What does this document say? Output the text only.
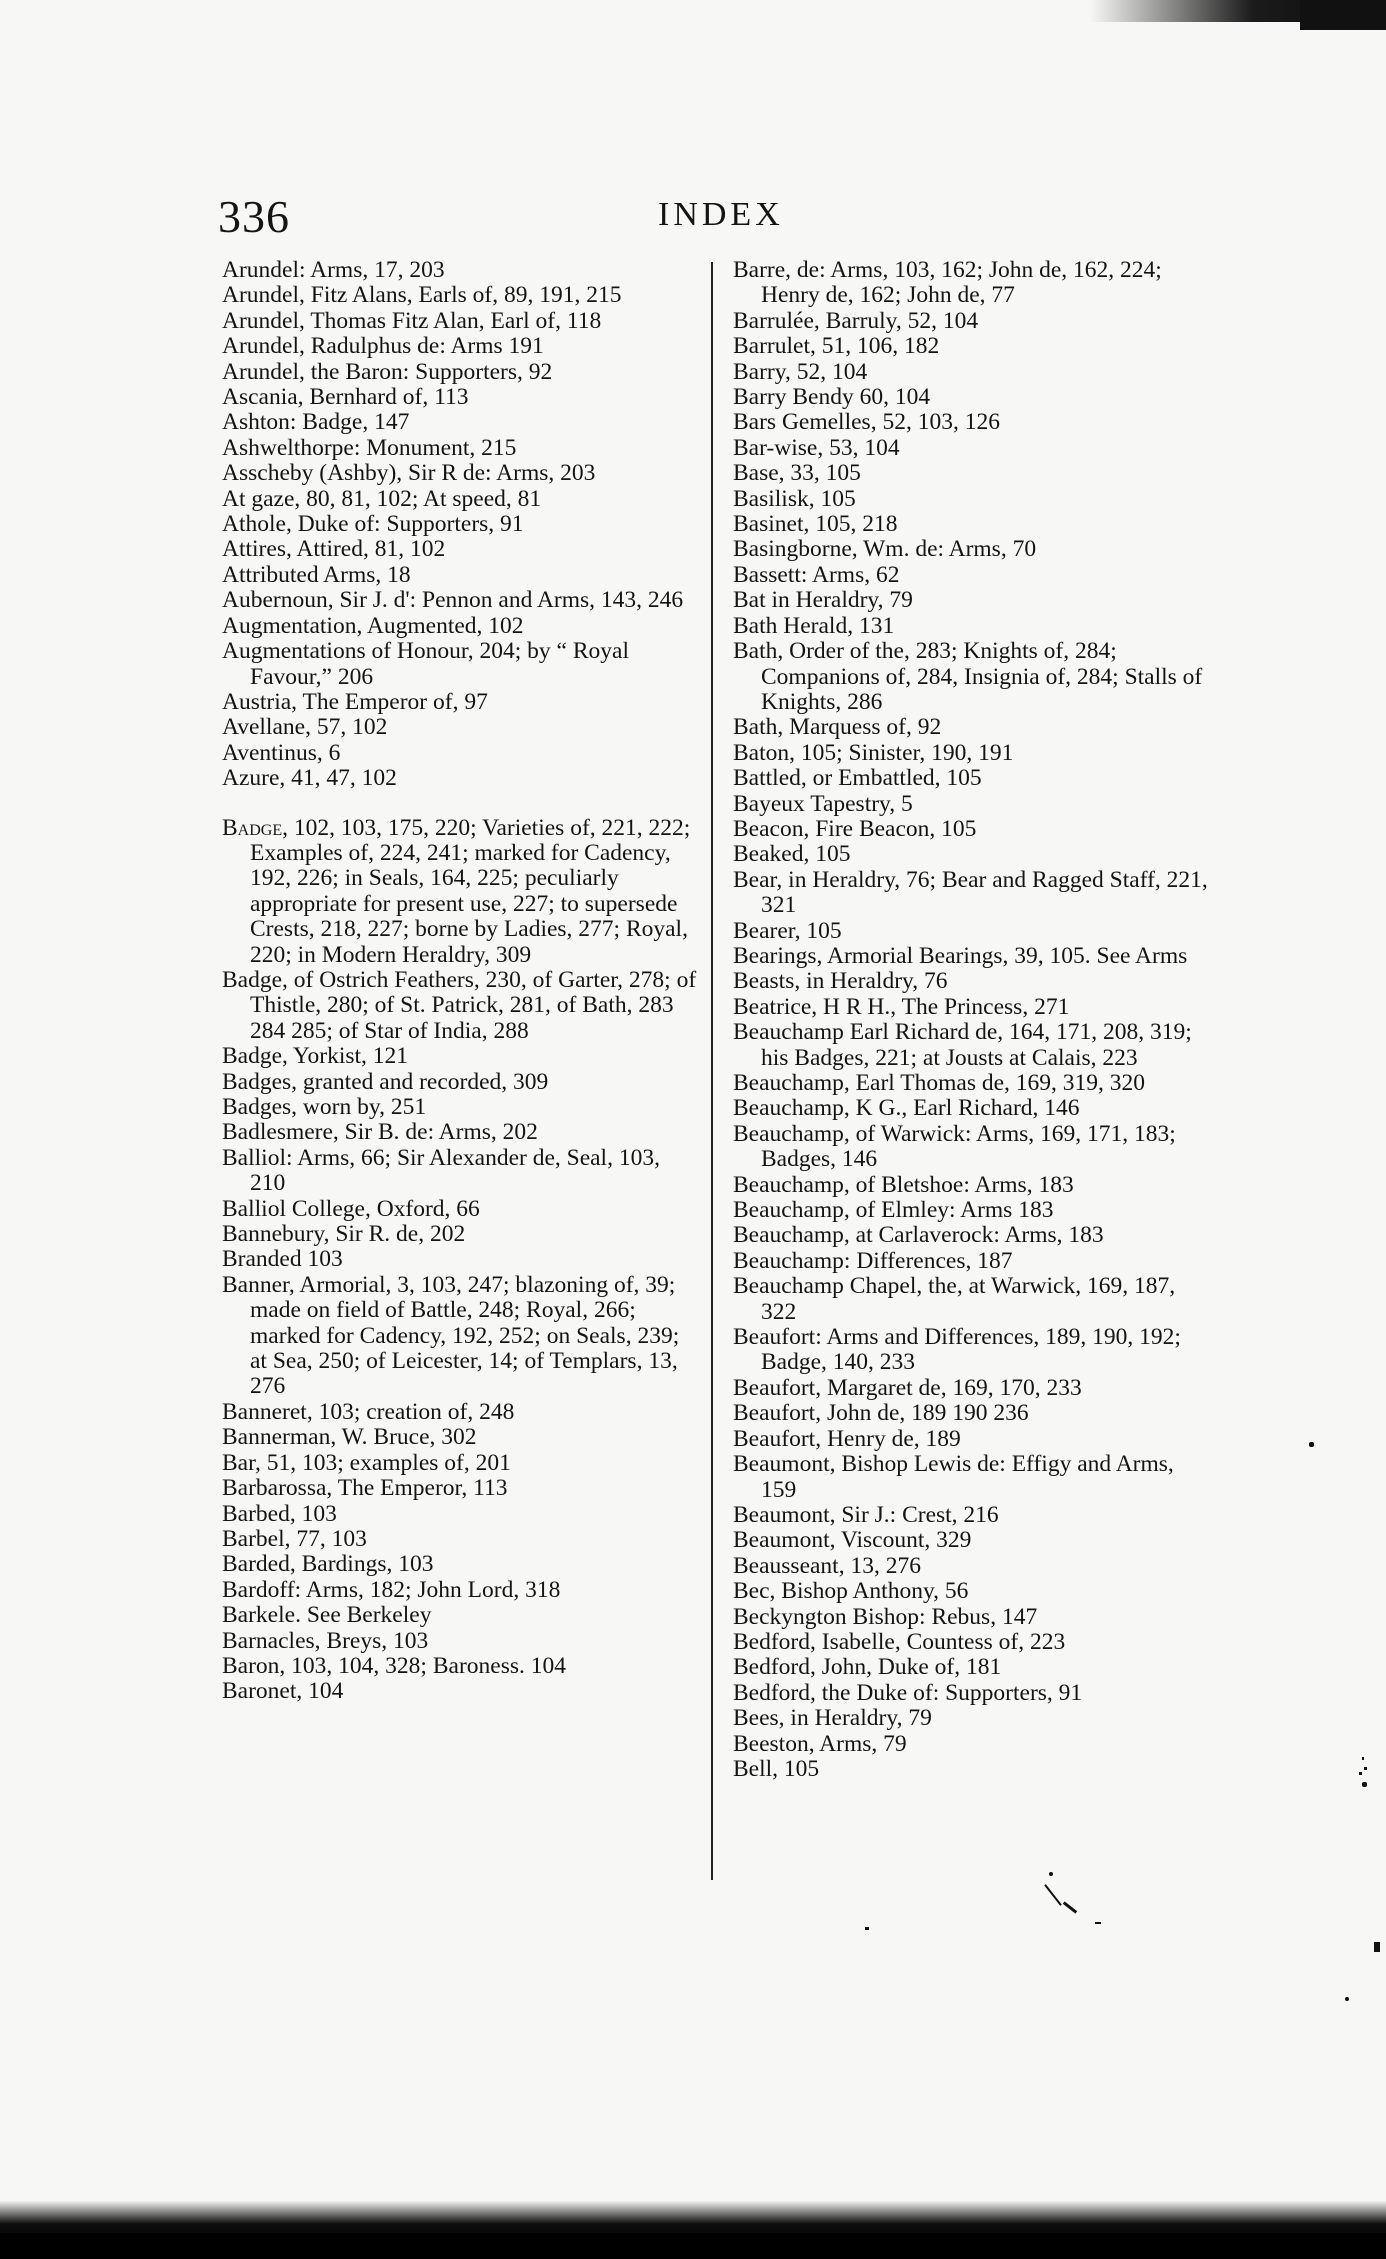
336	INDEX
Arundel: Arms, 17, 203
Arundel, Fitz Alans, Earls of, 89, 191, 215
Arundel, Thomas Fitz Alan, Earl of, 118
Arundel, Radulphus de: Arms 191
Arundel, the Baron: Supporters, 92
Ascania, Bernhard of, 113
Ashton: Badge, 147
Ashwelthorpe: Monument, 215
Asscheby (Ashby), Sir R de: Arms, 203
At gaze, 80, 81, 102; At speed, 81
Athole, Duke of: Supporters, 91
Attires, Attired, 81, 102
Attributed Arms, 18
Aubernoun, Sir J. d': Pennon and Arms, 143, 246
Augmentation, Augmented, 102
Augmentations of Honour, 204; by “ Royal Favour,” 206
Austria, The Emperor of, 97
Avellane, 57, 102
Aventinus, 6
Azure, 41, 47, 102
Badge, 102, 103, 175, 220; Varieties of, 221, 222; Examples of, 224, 241; marked for Cadency, 192, 226; in Seals, 164, 225; peculiarly appropriate for present use, 227; to supersede Crests, 218, 227; borne by Ladies, 277; Royal, 220; in Modern Heraldry, 309
Badge, of Ostrich Feathers, 230, of Garter, 278; of Thistle, 280; of St. Patrick, 281, of Bath, 283 284 285; of Star of India, 288
Badge, Yorkist, 121
Badges, granted and recorded, 309
Badges, worn by, 251
Badlesmere, Sir B. de: Arms, 202
Balliol: Arms, 66; Sir Alexander de, Seal, 103, 210
Balliol College, Oxford, 66
Bannebury, Sir R. de, 202
Branded 103
Banner, Armorial, 3, 103, 247; blazoning of, 39; made on field of Battle, 248; Royal, 266; marked for Cadency, 192, 252; on Seals, 239; at Sea, 250; of Leicester, 14; of Templars, 13, 276
Banneret, 103; creation of, 248
Bannerman, W. Bruce, 302
Bar, 51, 103; examples of, 201
Barbarossa, The Emperor, 113
Barbed, 103
Barbel, 77, 103
Barded, Bardings, 103
Bardoff: Arms, 182; John Lord, 318
Barkele. See Berkeley
Barnacles, Breys, 103
Baron, 103, 104, 328; Baroness. 104
Baronet, 104
Barre, de: Arms, 103, 162; John de, 162, 224; Henry de, 162; John de, 77
Barrulée, Barruly, 52, 104
Barrulet, 51, 106, 182
Barry, 52, 104
Barry Bendy 60, 104
Bars Gemelles, 52, 103, 126
Bar-wise, 53, 104
Base, 33, 105
Basilisk, 105
Basinet, 105, 218
Basingborne, Wm. de: Arms, 70
Bassett: Arms, 62
Bat in Heraldry, 79
Bath Herald, 131
Bath, Order of the, 283; Knights of, 284; Companions of, 284, Insignia of, 284; Stalls of Knights, 286
Bath, Marquess of, 92
Baton, 105; Sinister, 190, 191
Battled, or Embattled, 105
Bayeux Tapestry, 5
Beacon, Fire Beacon, 105
Beaked, 105
Bear, in Heraldry, 76; Bear and Ragged Staff, 221, 321
Bearer, 105
Bearings, Armorial Bearings, 39, 105. See Arms
Beasts, in Heraldry, 76
Beatrice, H R H., The Princess, 271
Beauchamp Earl Richard de, 164, 171, 208, 319; his Badges, 221; at Jousts at Calais, 223
Beauchamp, Earl Thomas de, 169, 319, 320
Beauchamp, K G., Earl Richard, 146
Beauchamp, of Warwick: Arms, 169, 171, 183; Badges, 146
Beauchamp, of Bletshoe: Arms, 183
Beauchamp, of Elmley: Arms 183
Beauchamp, at Carlaverock: Arms, 183
Beauchamp: Differences, 187
Beauchamp Chapel, the, at Warwick, 169, 187, 322
Beaufort: Arms and Differences, 189, 190, 192; Badge, 140, 233
Beaufort, Margaret de, 169, 170, 233
Beaufort, John de, 189 190 236
Beaufort, Henry de, 189
Beaumont, Bishop Lewis de: Effigy and Arms, 159
Beaumont, Sir J.: Crest, 216
Beaumont, Viscount, 329
Beausseant, 13, 276
Bec, Bishop Anthony, 56
Beckyngton Bishop: Rebus, 147
Bedford, Isabelle, Countess of, 223
Bedford, John, Duke of, 181
Bedford, the Duke of: Supporters, 91
Bees, in Heraldry, 79
Beeston, Arms, 79
Bell, 105
